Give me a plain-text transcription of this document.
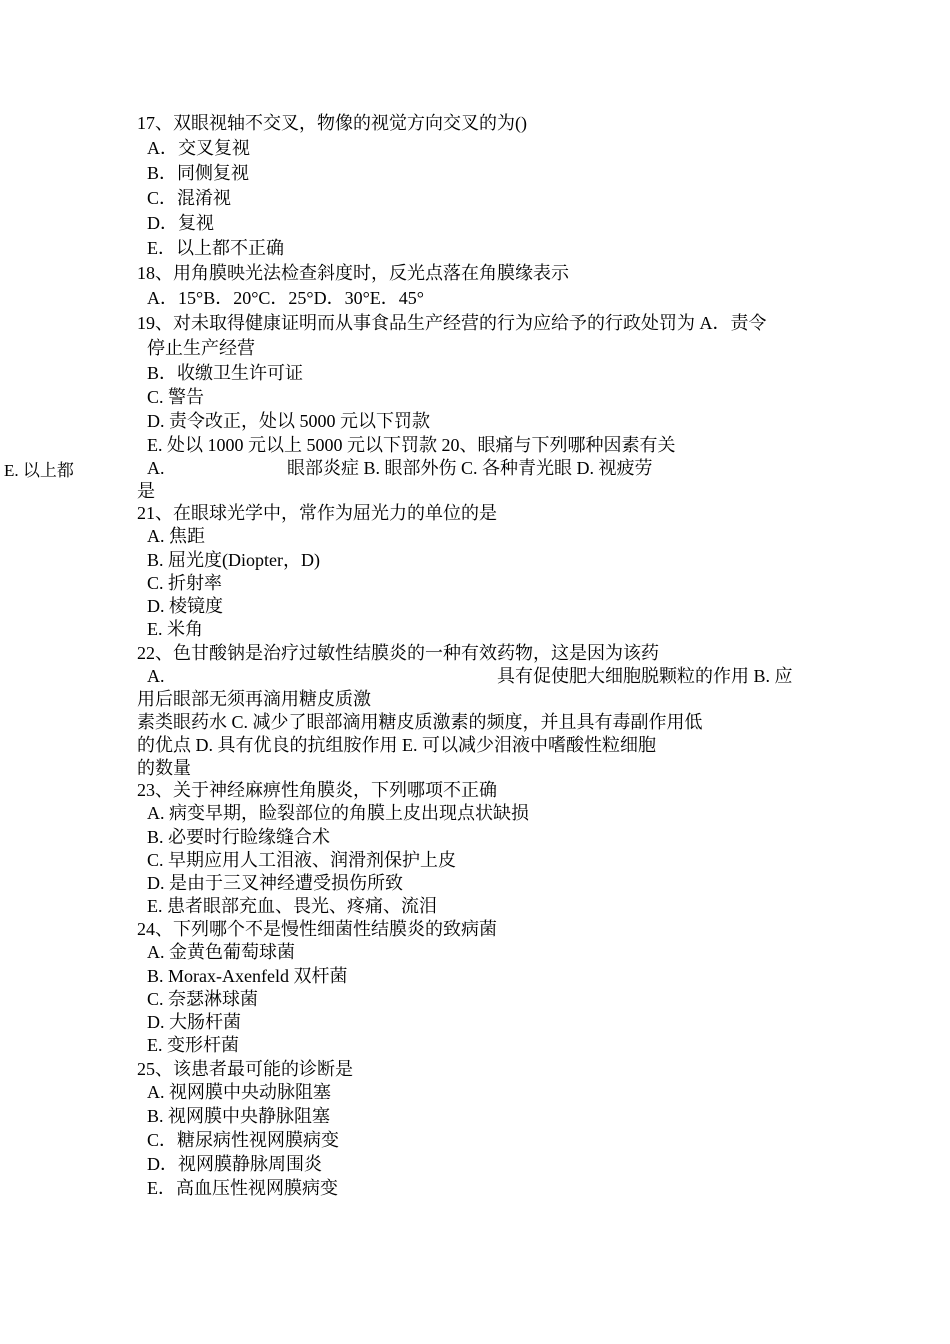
17、双眼视轴不交叉，物像的视觉方向交叉的为()
A．交叉复视
B．同侧复视
C．混淆视
D．复视
E．以上都不正确
18、用角膜映光法检查斜度时，反光点落在角膜缘表示
A．15°B．20°C．25°D．30°E．45°
19、对未取得健康证明而从事食品生产经营的行为应给予的行政处罚为 A．责令
停止生产经营
B．收缴卫生许可证
C. 警告
D. 责令改正，处以 5000 元以下罚款
E. 处以 1000 元以上 5000 元以下罚款 20、眼痛与下列哪种因素有关
E. 以上都	A.	眼部炎症 B. 眼部外伤 C. 各种青光眼 D. 视疲劳
是
21、在眼球光学中，常作为屈光力的单位的是
A. 焦距
B. 屈光度(Diopter，D)
C. 折射率
D. 棱镜度
E. 米角
22、色甘酸钠是治疗过敏性结膜炎的一种有效药物，这是因为该药
A.	具有促使肥大细胞脱颗粒的作用 B. 应
用后眼部无须再滴用糖皮质激
素类眼药水 C. 减少了眼部滴用糖皮质激素的频度，并且具有毒副作用低
的优点 D. 具有优良的抗组胺作用 E. 可以减少泪液中嗜酸性粒细胞
的数量
23、关于神经麻痹性角膜炎，下列哪项不正确
A. 病变早期，睑裂部位的角膜上皮出现点状缺损
B. 必要时行睑缘缝合术
C. 早期应用人工泪液、润滑剂保护上皮
D. 是由于三叉神经遭受损伤所致
E. 患者眼部充血、畏光、疼痛、流泪
24、下列哪个不是慢性细菌性结膜炎的致病菌
A. 金黄色葡萄球菌
B. Morax-Axenfeld 双杆菌
C. 奈瑟淋球菌
D. 大肠杆菌
E. 变形杆菌
25、该患者最可能的诊断是
A. 视网膜中央动脉阻塞
B. 视网膜中央静脉阻塞
C．糖尿病性视网膜病变
D．视网膜静脉周围炎
E．高血压性视网膜病变
